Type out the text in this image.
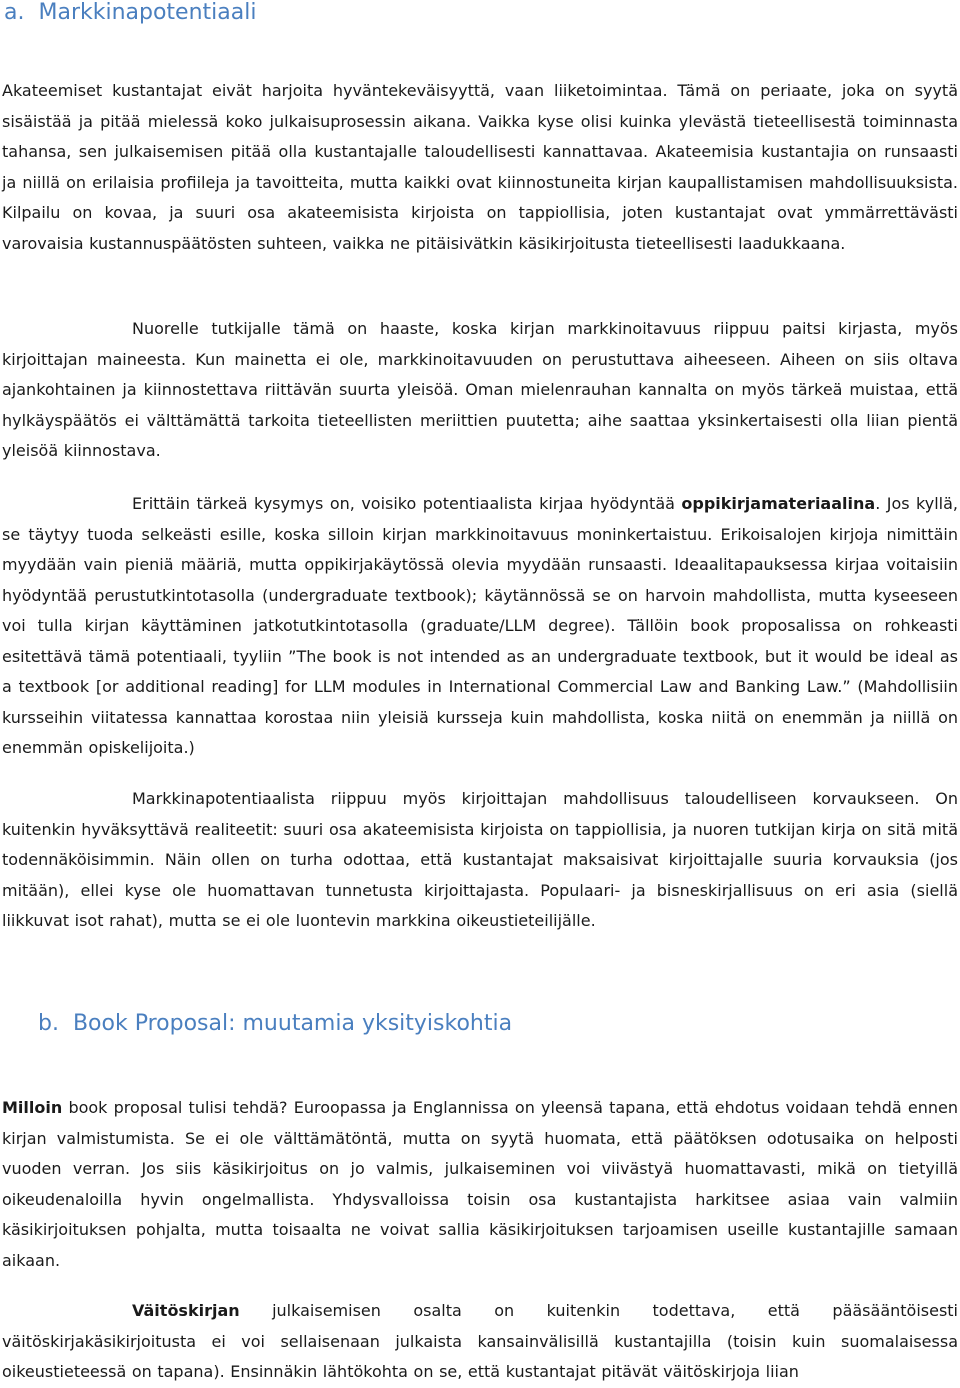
a. Markkinapotentiaali

Akateemiset kustantajat eivät harjoita hyväntekeväisyyttä, vaan liiketoimintaa. Tämä on periaate, joka on syytä sisäistää ja pitää mielessä koko julkaisuprosessin aikana. Vaikka kyse olisi kuinka ylevästä tieteellisestä toiminnasta tahansa, sen julkaisemisen pitää olla kustantajalle taloudellisesti kannattavaa. Akateemisia kustantajia on runsaasti ja niillä on erilaisia profiileja ja tavoitteita, mutta kaikki ovat kiinnostuneita kirjan kaupallistamisen mahdollisuuksista. Kilpailu on kovaa, ja suuri osa akateemisista kirjoista on tappiollisia, joten kustantajat ovat ymmärrettävästi varovaisia kustannuspäätösten suhteen, vaikka ne pitäisivätkin käsikirjoitusta tieteellisesti laadukkaana.

Nuorelle tutkijalle tämä on haaste, koska kirjan markkinoitavuus riippuu paitsi kirjasta, myös kirjoittajan maineesta. Kun mainetta ei ole, markkinoitavuuden on perustuttava aiheeseen. Aiheen on siis oltava ajankohtainen ja kiinnostettava riittävän suurta yleisöä. Oman mielenrauhan kannalta on myös tärkeä muistaa, että hylkäyspäätös ei välttämättä tarkoita tieteellisten meriittien puutetta; aihe saattaa yksinkertaisesti olla liian pientä yleisöä kiinnostava.

Erittäin tärkeä kysymys on, voisiko potentiaalista kirjaa hyödyntää oppikirjamateriaalina. Jos kyllä, se täytyy tuoda selkeästi esille, koska silloin kirjan markkinoitavuus moninkertaistuu. Erikoisalojen kirjoja nimittäin myydään vain pieniä määriä, mutta oppikirjakäytössä olevia myydään runsaasti. Ideaalitapauksessa kirjaa voitaisiin hyödyntää perustutkintotasolla (undergraduate textbook); käytännössä se on harvoin mahdollista, mutta kyseeseen voi tulla kirjan käyttäminen jatkotutkintotasolla (graduate/LLM degree). Tällöin book proposalissa on rohkeasti esitettävä tämä potentiaali, tyyliin ”The book is not intended as an undergraduate textbook, but it would be ideal as a textbook [or additional reading] for LLM modules in International Commercial Law and Banking Law.” (Mahdollisiin kursseihin viitatessa kannattaa korostaa niin yleisiä kursseja kuin mahdollista, koska niitä on enemmän ja niillä on enemmän opiskelijoita.)

Markkinapotentiaalista riippuu myös kirjoittajan mahdollisuus taloudelliseen korvaukseen. On kuitenkin hyväksyttävä realiteetit: suuri osa akateemisista kirjoista on tappiollisia, ja nuoren tutkijan kirja on sitä mitä todennäköisimmin. Näin ollen on turha odottaa, että kustantajat maksaisivat kirjoittajalle suuria korvauksia (jos mitään), ellei kyse ole huomattavan tunnetusta kirjoittajasta. Populaari- ja bisneskirjallisuus on eri asia (siellä liikkuvat isot rahat), mutta se ei ole luontevin markkina oikeustieteilijälle.

b. Book Proposal: muutamia yksityiskohtia

Milloin book proposal tulisi tehdä? Euroopassa ja Englannissa on yleensä tapana, että ehdotus voidaan tehdä ennen kirjan valmistumista. Se ei ole välttämätöntä, mutta on syytä huomata, että päätöksen odotusaika on helposti vuoden verran. Jos siis käsikirjoitus on jo valmis, julkaiseminen voi viivästyä huomattavasti, mikä on tietyillä oikeudenaloilla hyvin ongelmallista. Yhdysvalloissa toisin osa kustantajista harkitsee asiaa vain valmiin käsikirjoituksen pohjalta, mutta toisaalta ne voivat sallia käsikirjoituksen tarjoamisen useille kustantajille samaan aikaan.

Väitöskirjan julkaisemisen osalta on kuitenkin todettava, että pääsääntöisesti väitöskirjakäsikirjoitusta ei voi sellaisenaan julkaista kansainvälisillä kustantajilla (toisin kuin suomalaisessa oikeustieteessä on tapana). Ensinnäkin lähtökohta on se, että kustantajat pitävät väitöskirjoja liian
